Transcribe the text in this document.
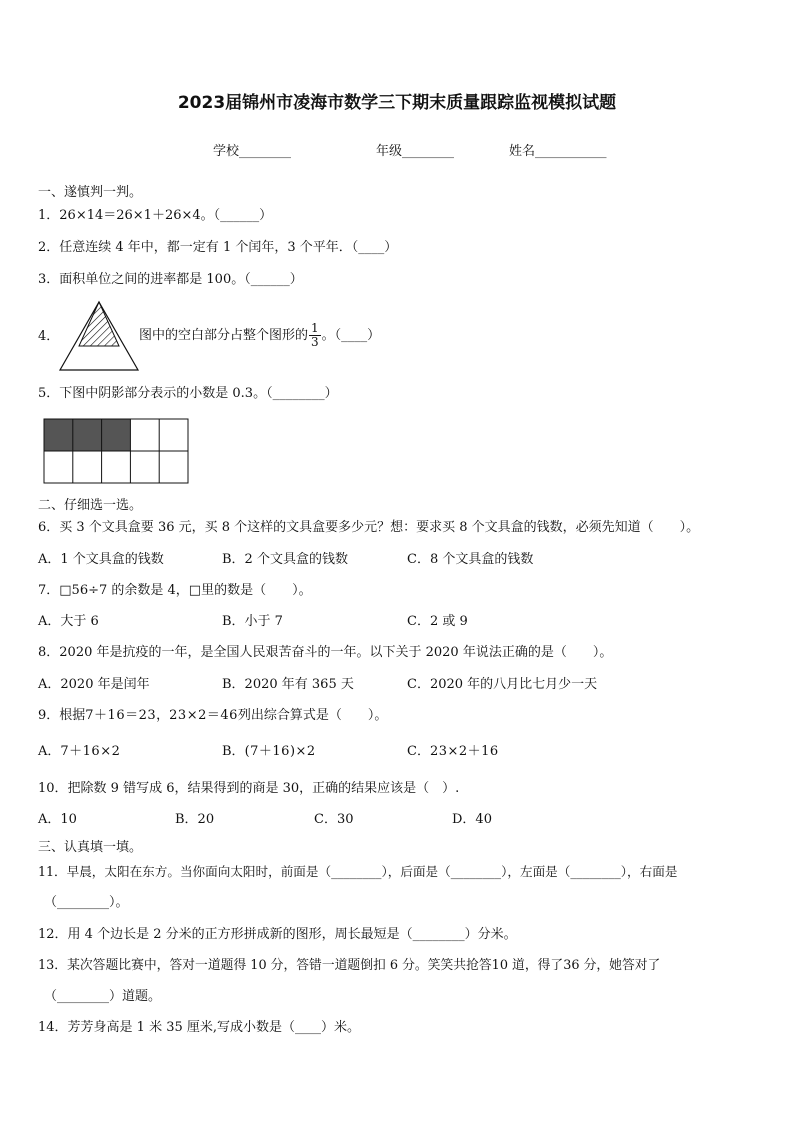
2023届锦州市凌海市数学三下期末质量跟踪监视模拟试题
学校________	年级________	姓名___________
一、遂慎判一判。
1．26×14＝26×1＋26×4。（______）
2．任意连续 4 年中，都一定有 1 个闰年，3 个平年．（____）
3．面积单位之间的进率都是 100。（______）
4．	图中的空白部分占整个图形的 $\frac{1}{3}$ 。（____）
5．下图中阴影部分表示的小数是 0.3。（________）
二、仔细选一选。
6．买 3 个文具盒要 36 元，买 8 个这样的文具盒要多少元？想：要求买 8 个文具盒的钱数，必须先知道（　　）。
A．1 个文具盒的钱数	B．2 个文具盒的钱数	C．8 个文具盒的钱数
7．□56÷7 的余数是 4，□里的数是（　　）。
A．大于 6	B．小于 7	C．2 或 9
8．2020 年是抗疫的一年，是全国人民艰苦奋斗的一年。以下关于 2020 年说法正确的是（　　）。
A．2020 年是闰年	B．2020 年有 365 天	C．2020 年的八月比七月少一天
9．根据7＋16＝23，23×2＝46列出综合算式是（　　）。
A．7＋16×2	B．(7＋16)×2	C．23×2＋16
10．把除数 9 错写成 6，结果得到的商是 30，正确的结果应该是（　）.
A．10	B．20	C．30	D．40
三、认真填一填。
11．早晨，太阳在东方。当你面向太阳时，前面是（________），后面是（________），左面是（________），右面是
（________）。
12．用 4 个边长是 2 分米的正方形拼成新的图形，周长最短是（________）分米。
13．某次答题比赛中，答对一道题得 10 分，答错一道题倒扣 6 分。笑笑共抢答10 道，得了36 分，她答对了
（________）道题。
14．芳芳身高是 1 米 35 厘米,写成小数是（____）米。
